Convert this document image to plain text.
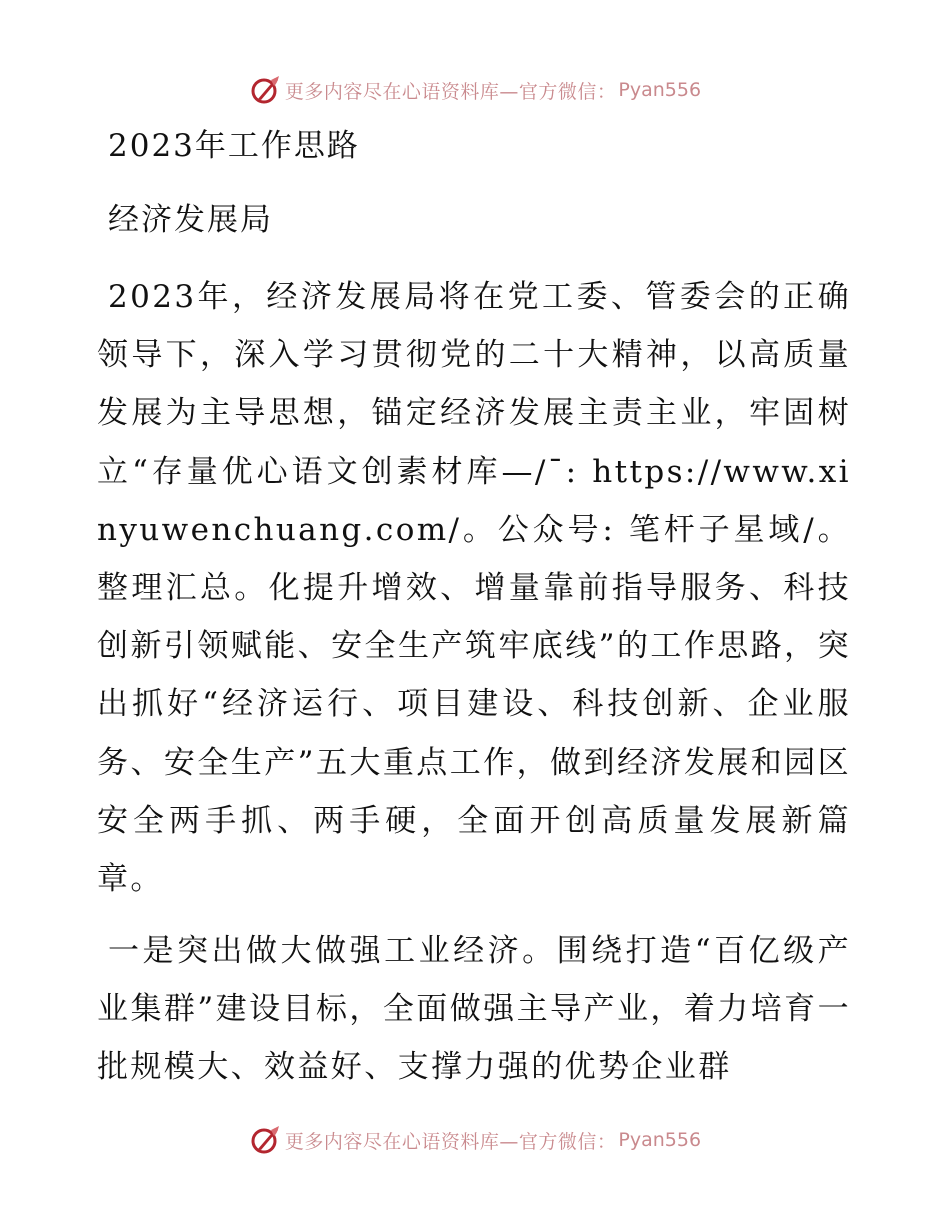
更多内容尽在心语资料库—官方微信： Pyan556
2023年工作思路
经济发展局

2023年，经济发展局将在党工委、管委会的正确领导下，深入学习贯彻党的二十大精神，以高质量发展为主导思想，锚定经济发展主责主业，牢固树立“存量优心语文创素材库—/¯: https://www.xinyuwenchuang.com/。公众号: 笔杆子星域/。整理汇总。化提升增效、增量靠前指导服务、科技创新引领赋能、安全生产筑牢底线”的工作思路，突出抓好“经济运行、项目建设、科技创新、企业服务、安全生产”五大重点工作，做到经济发展和园区安全两手抓、两手硬，全面开创高质量发展新篇章。

一是突出做大做强工业经济。围绕打造“百亿级产业集群”建设目标，全面做强主导产业，着力培育一批规模大、效益好、支撑力强的优势企业群

更多内容尽在心语资料库—官方微信： Pyan556
